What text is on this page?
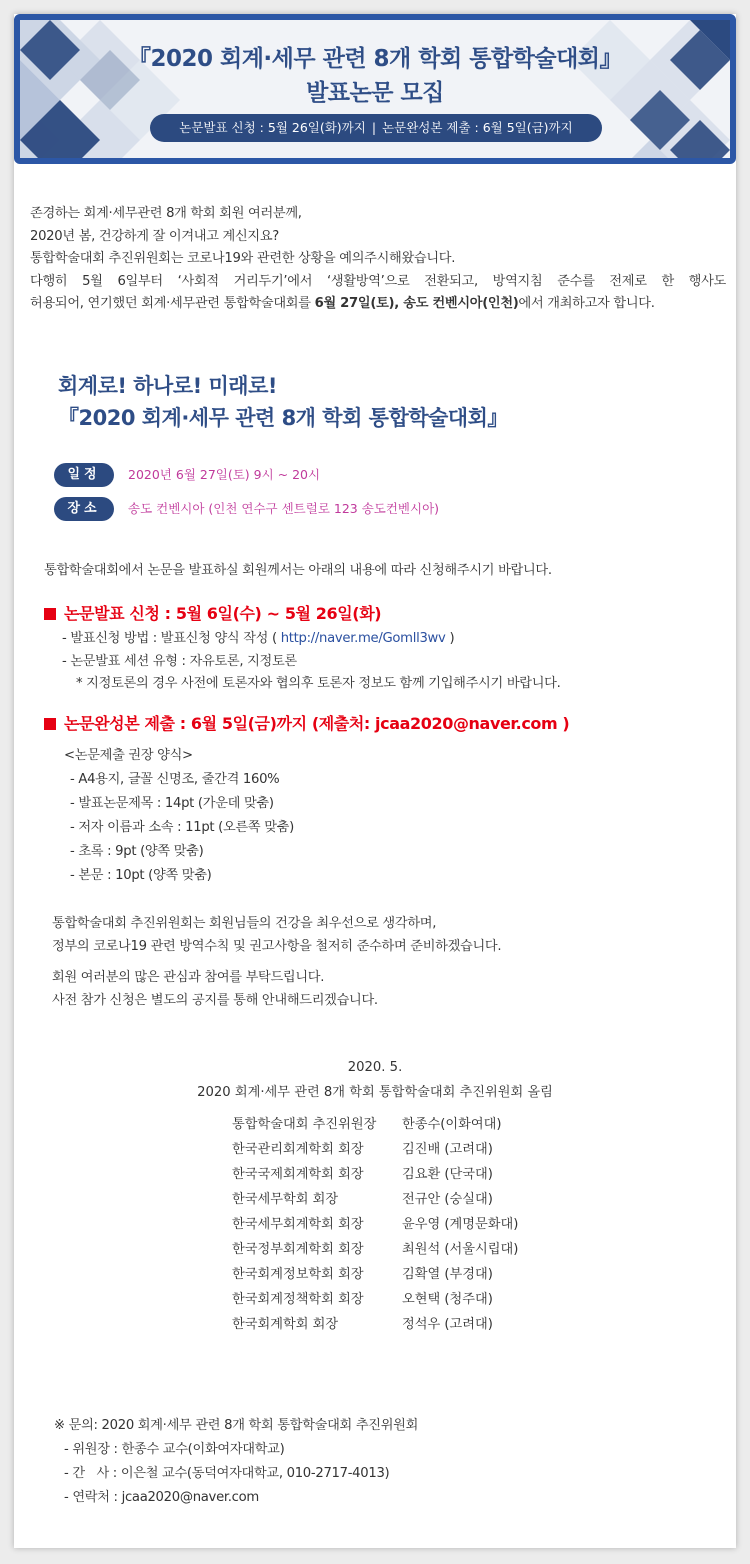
『2020 회계·세무 관련 8개 학회 통합학술대회』
발표논문 모집
논문발표 신청 : 5월 26일(화)까지 | 논문완성본 제출 : 6월 5일(금)까지
존경하는 회계·세무관련 8개 학회 회원 여러분께,
2020년 봄, 건강하게 잘 이겨내고 계신지요?
통합학술대회 추진위원회는 코로나19와 관련한 상황을 예의주시해왔습니다.
다행히 5월 6일부터 ‘사회적 거리두기’에서 ‘생활방역’으로 전환되고, 방역지침 준수를 전제로 한 행사도
허용되어, 연기했던 회계·세무관련 통합학술대회를 6월 27일(토), 송도 컨벤시아(인천)에서 개최하고자 합니다.
회계로! 하나로! 미래로!
『2020 회계·세무 관련 8개 학회 통합학술대회』
일정	2020년 6월 27일(토) 9시 ~ 20시
장소	송도 컨벤시아 (인천 연수구 센트럴로 123 송도컨벤시아)
통합학술대회에서 논문을 발표하실 회원께서는 아래의 내용에 따라 신청해주시기 바랍니다.
논문발표 신청 : 5월 6일(수) ~ 5월 26일(화)
- 발표신청 방법 : 발표신청 양식 작성 ( http://naver.me/Gomll3wv )
- 논문발표 세션 유형 : 자유토론, 지정토론
* 지정토론의 경우 사전에 토론자와 협의후 토론자 정보도 함께 기입해주시기 바랍니다.
논문완성본 제출 : 6월 5일(금)까지 (제출처: jcaa2020@naver.com )
<논문제출 권장 양식>
- A4용지, 글꼴 신명조, 줄간격 160%
- 발표논문제목 : 14pt (가운데 맞춤)
- 저자 이름과 소속 : 11pt (오른쪽 맞춤)
- 초록 : 9pt (양쪽 맞춤)
- 본문 : 10pt (양쪽 맞춤)
통합학술대회 추진위원회는 회원님들의 건강을 최우선으로 생각하며,
정부의 코로나19 관련 방역수칙 및 권고사항을 철저히 준수하며 준비하겠습니다.
회원 여러분의 많은 관심과 참여를 부탁드립니다.
사전 참가 신청은 별도의 공지를 통해 안내해드리겠습니다.
2020. 5.
2020 회계·세무 관련 8개 학회 통합학술대회 추진위원회 올림
통합학술대회 추진위원장	한종수(이화여대)
한국관리회계학회 회장	김진배 (고려대)
한국국제회계학회 회장	김요환 (단국대)
한국세무학회 회장	전규안 (숭실대)
한국세무회계학회 회장	윤우영 (계명문화대)
한국정부회계학회 회장	최원석 (서울시립대)
한국회계정보학회 회장	김확열 (부경대)
한국회계정책학회 회장	오현택 (청주대)
한국회계학회 회장	정석우 (고려대)
※ 문의: 2020 회계·세무 관련 8개 학회 통합학술대회 추진위원회
- 위원장 : 한종수 교수(이화여자대학교)
- 간   사 : 이은철 교수(동덕여자대학교, 010-2717-4013)
- 연락처 : jcaa2020@naver.com
